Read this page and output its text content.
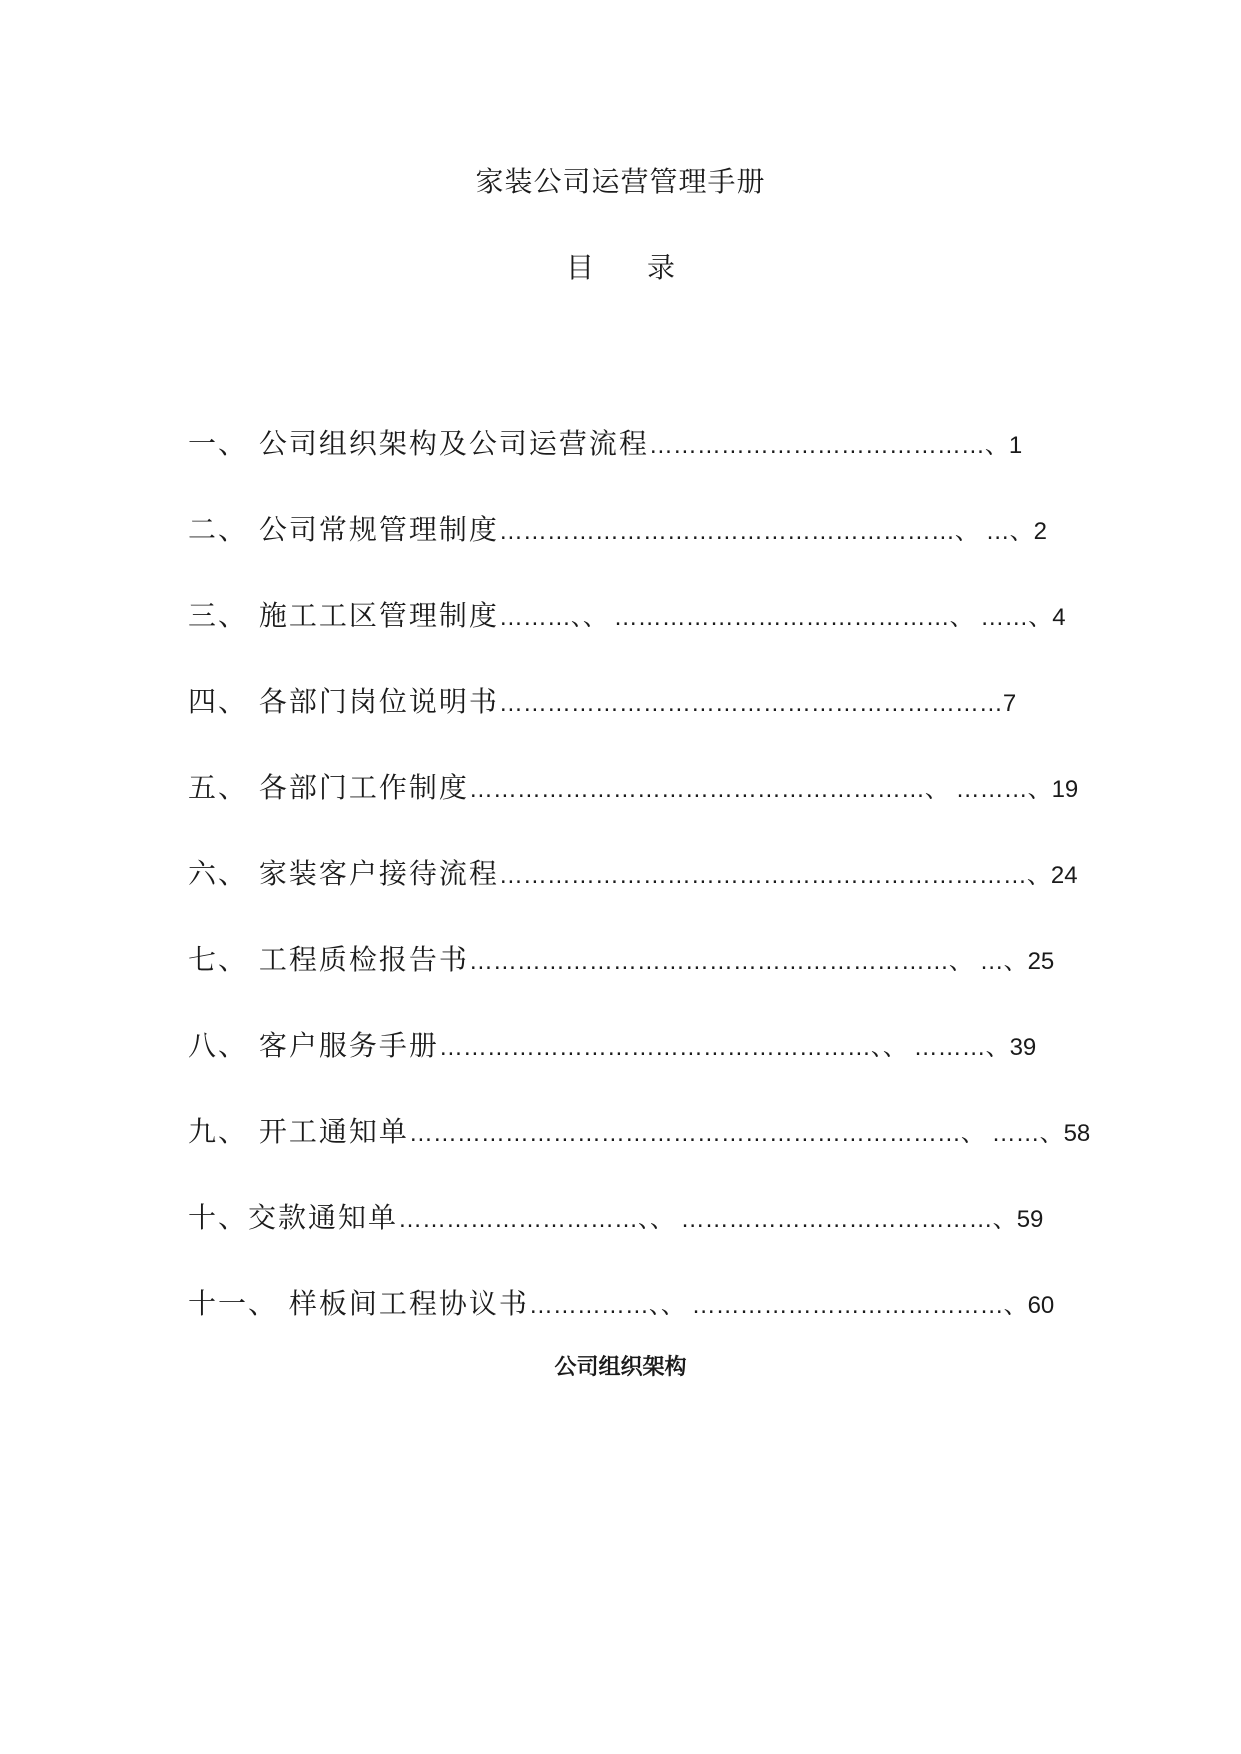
家装公司运营管理手册
目 录
一、 公司组织架构及公司运营流程……………………………………、1
二、 公司常规管理制度…………………………………………………、 …、2
三、 施工工区管理制度………、、 ……………………………………、 ……、4
四、 各部门岗位说明书………………………………………………………7
五、 各部门工作制度…………………………………………………、 ………、19
六、 家装客户接待流程…………………………………………………………、24
七、 工程质检报告书……………………………………………………、 …、25
八、 客户服务手册………………………………………………、、 ………、39
九、 开工通知单……………………………………………………………、 ……、58
十、交款通知单…………………………、、 …………………………………、59
十一、 样板间工程协议书……………、、 …………………………………、60
公司组织架构
